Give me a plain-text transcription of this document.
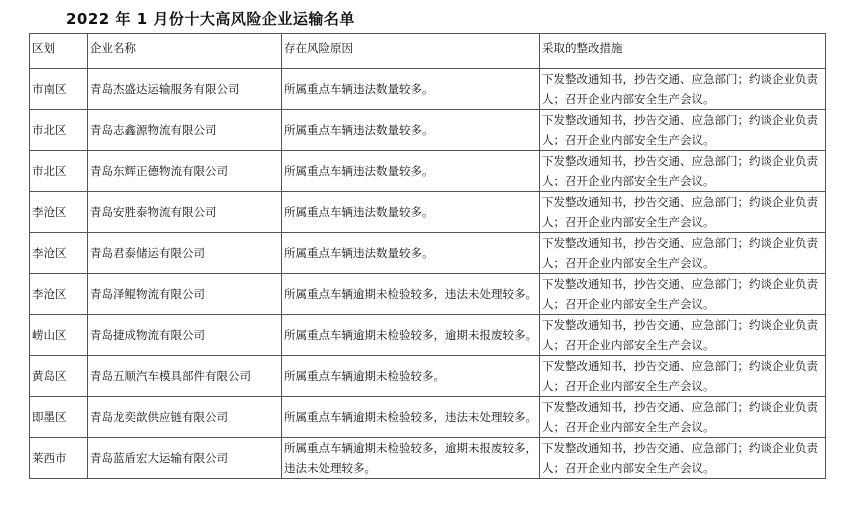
2022 年 1 月份十大高风险企业运输名单
区划	企业名称	存在风险原因	采取的整改措施
市南区	青岛杰盛达运输服务有限公司	所属重点车辆违法数量较多。	下发整改通知书，抄告交通、应急部门；约谈企业负责人；召开企业内部安全生产会议。
市北区	青岛志鑫源物流有限公司	所属重点车辆违法数量较多。	下发整改通知书，抄告交通、应急部门；约谈企业负责人；召开企业内部安全生产会议。
市北区	青岛东辉正德物流有限公司	所属重点车辆违法数量较多。	下发整改通知书，抄告交通、应急部门；约谈企业负责人；召开企业内部安全生产会议。
李沧区	青岛安胜泰物流有限公司	所属重点车辆违法数量较多。	下发整改通知书，抄告交通、应急部门；约谈企业负责人；召开企业内部安全生产会议。
李沧区	青岛君泰储运有限公司	所属重点车辆违法数量较多。	下发整改通知书，抄告交通、应急部门；约谈企业负责人；召开企业内部安全生产会议。
李沧区	青岛泽鲲物流有限公司	所属重点车辆逾期未检验较多，违法未处理较多。	下发整改通知书，抄告交通、应急部门；约谈企业负责人；召开企业内部安全生产会议。
崂山区	青岛捷成物流有限公司	所属重点车辆逾期未检验较多，逾期未报废较多。	下发整改通知书，抄告交通、应急部门；约谈企业负责人；召开企业内部安全生产会议。
黄岛区	青岛五顺汽车模具部件有限公司	所属重点车辆逾期未检验较多。	下发整改通知书，抄告交通、应急部门；约谈企业负责人；召开企业内部安全生产会议。
即墨区	青岛龙奕歆供应链有限公司	所属重点车辆逾期未检验较多，违法未处理较多。	下发整改通知书，抄告交通、应急部门；约谈企业负责人；召开企业内部安全生产会议。
莱西市	青岛蓝盾宏大运输有限公司	所属重点车辆逾期未检验较多，逾期未报废较多，违法未处理较多。	下发整改通知书，抄告交通、应急部门；约谈企业负责人；召开企业内部安全生产会议。
